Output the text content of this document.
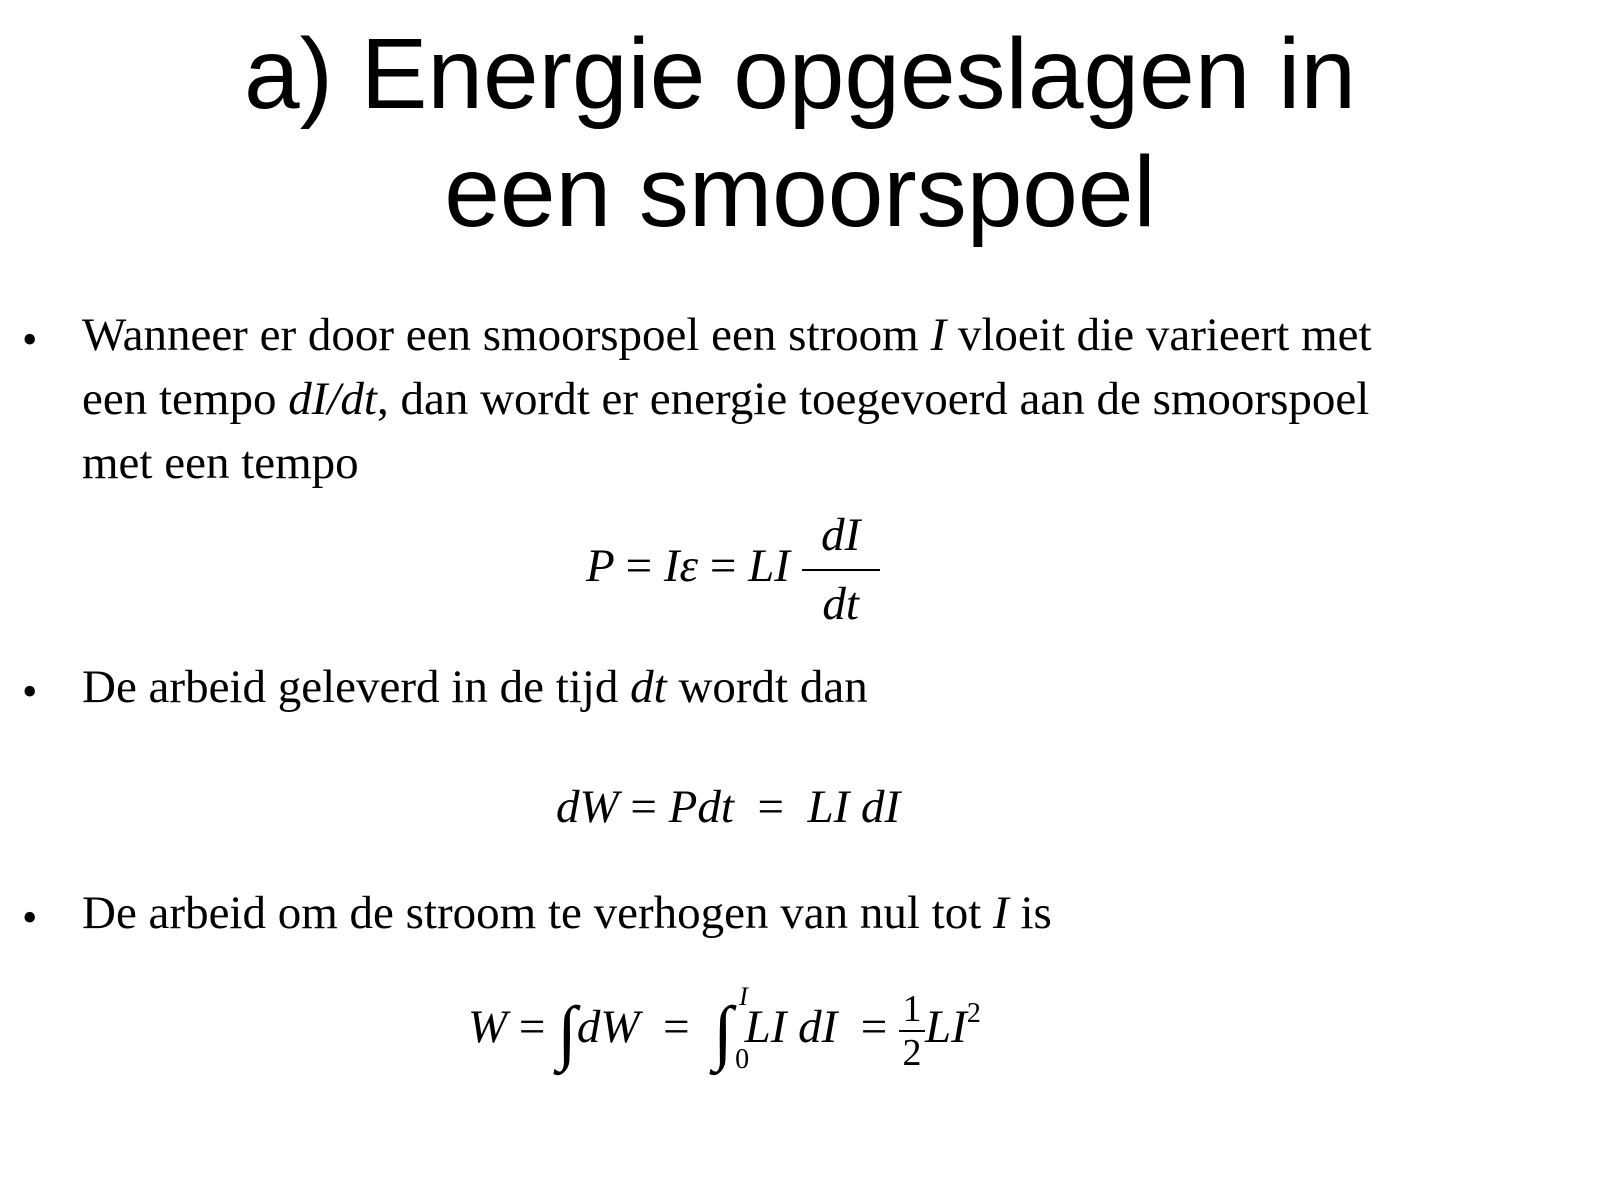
a) Energie opgeslagen in
een smoorspoel
• Wanneer er door een smoorspoel een stroom I vloeit die varieert met
een tempo dI/dt, dan wordt er energie toegevoerd aan de smoorspoel
met een tempo
P = Iε = LI $\frac{dI}{dt}$
• De arbeid geleverd in de tijd dt wordt dan
dW = Pdt = LI dI
• De arbeid om de stroom te verhogen van nul tot I is
W = ∫dW = ∫ I
0
LI dI = $\frac{1}{2} LI^2$
